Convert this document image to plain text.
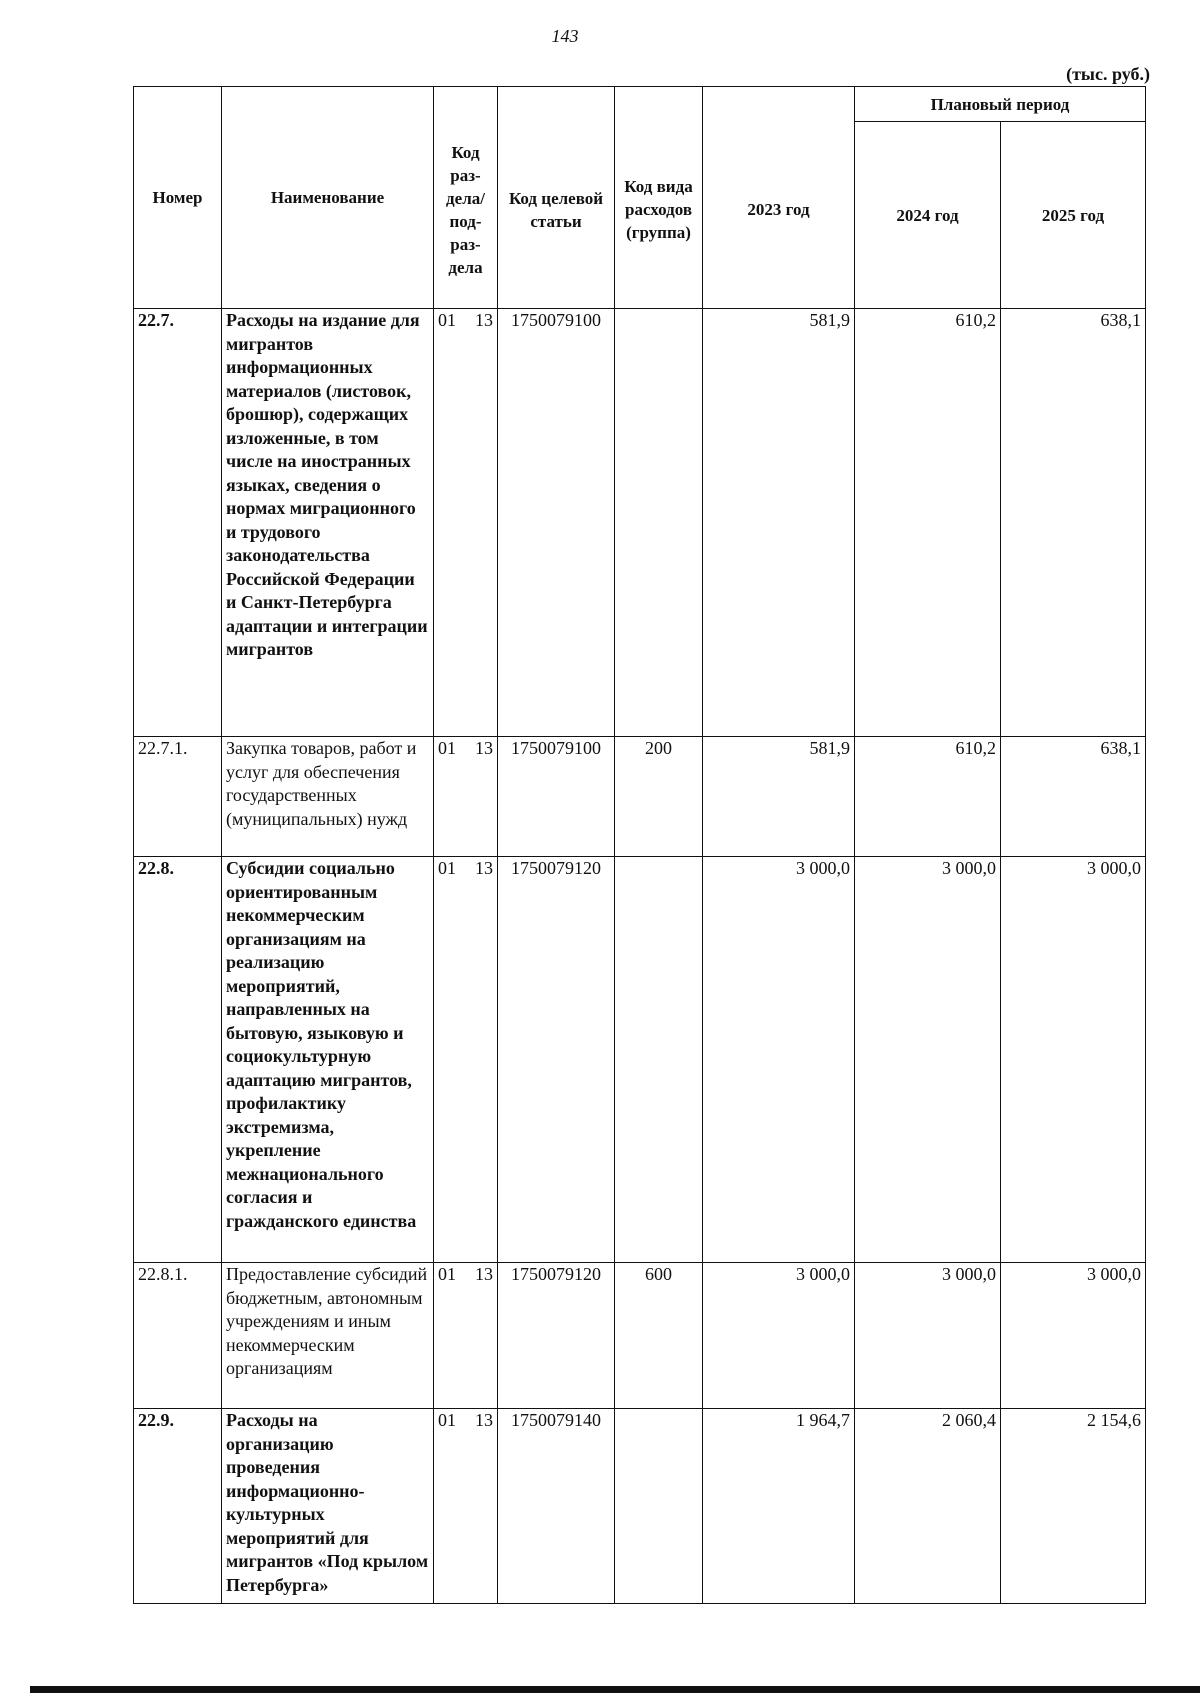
143
(тыс. руб.)
Номер	Наименование	Код раз-дела/ под-раз-дела	Код целевой статьи	Код вида расходов (группа)	2023 год	Плановый период	
						2024 год	2025 год
22.7.	Расходы на издание для мигрантов информационных материалов (листовок, брошюр), содержащих изложенные, в том числе на иностранных языках, сведения о нормах миграционного и трудового законодательства Российской Федерации и Санкт-Петербурга адаптации и интеграции мигрантов	01 13	1750079100		581,9	610,2	638,1
22.7.1.	Закупка товаров, работ и услуг для обеспечения государственных (муниципальных) нужд	01 13	1750079100	200	581,9	610,2	638,1
22.8.	Субсидии социально ориентированным некоммерческим организациям на реализацию мероприятий, направленных на бытовую, языковую и социокультурную адаптацию мигрантов, профилактику экстремизма, укрепление межнационального согласия и гражданского единства	01 13	1750079120		3 000,0	3 000,0	3 000,0
22.8.1.	Предоставление субсидий бюджетным, автономным учреждениям и иным некоммерческим организациям	01 13	1750079120	600	3 000,0	3 000,0	3 000,0
22.9.	Расходы на организацию проведения информационно-культурных мероприятий для мигрантов «Под крылом Петербурга»	01 13	1750079140		1 964,7	2 060,4	2 154,6
